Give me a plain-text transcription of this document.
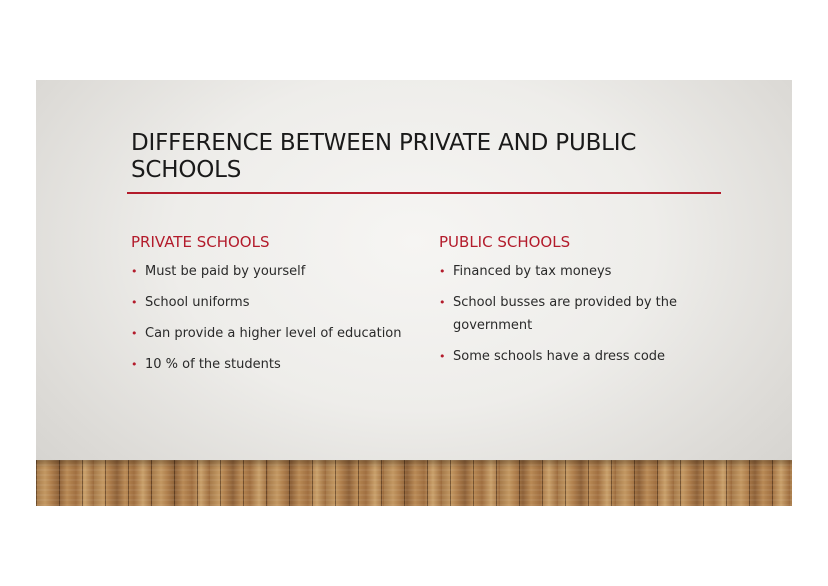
DIFFERENCE BETWEEN PRIVATE AND PUBLIC SCHOOLS
PRIVATE SCHOOLS
• Must be paid by yourself
• School uniforms
• Can provide a higher level of education
• 10 % of the students
PUBLIC SCHOOLS
• Financed by tax moneys
• School busses are provided by the government
• Some schools have a dress code
